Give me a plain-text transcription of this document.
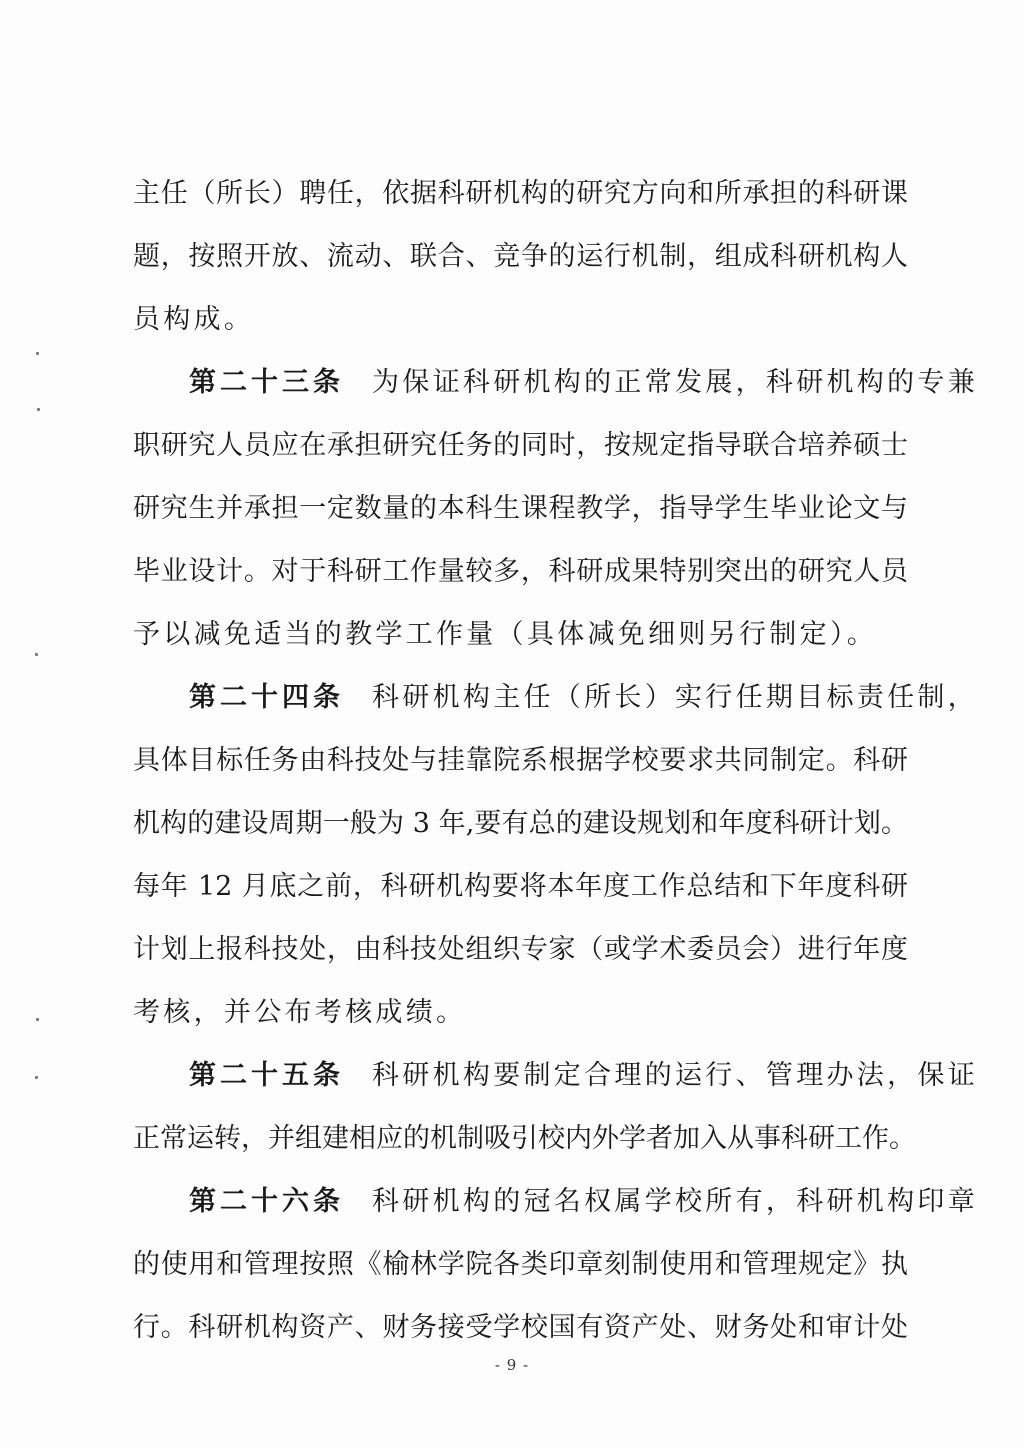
主任（所长）聘任，依据科研机构的研究方向和所承担的科研课
题，按照开放、流动、联合、竞争的运行机制，组成科研机构人
员构成。
第二十三条 为保证科研机构的正常发展，科研机构的专兼
职研究人员应在承担研究任务的同时，按规定指导联合培养硕士
研究生并承担一定数量的本科生课程教学，指导学生毕业论文与
毕业设计。对于科研工作量较多，科研成果特别突出的研究人员
予以减免适当的教学工作量（具体减免细则另行制定）。
第二十四条 科研机构主任（所长）实行任期目标责任制，
具体目标任务由科技处与挂靠院系根据学校要求共同制定。科研
机构的建设周期一般为 3 年,要有总的建设规划和年度科研计划。
每年 12 月底之前，科研机构要将本年度工作总结和下年度科研
计划上报科技处，由科技处组织专家（或学术委员会）进行年度
考核，并公布考核成绩。
第二十五条 科研机构要制定合理的运行、管理办法，保证
正常运转，并组建相应的机制吸引校内外学者加入从事科研工作。
第二十六条 科研机构的冠名权属学校所有，科研机构印章
的使用和管理按照《榆林学院各类印章刻制使用和管理规定》执
行。科研机构资产、财务接受学校国有资产处、财务处和审计处
- 9 -
